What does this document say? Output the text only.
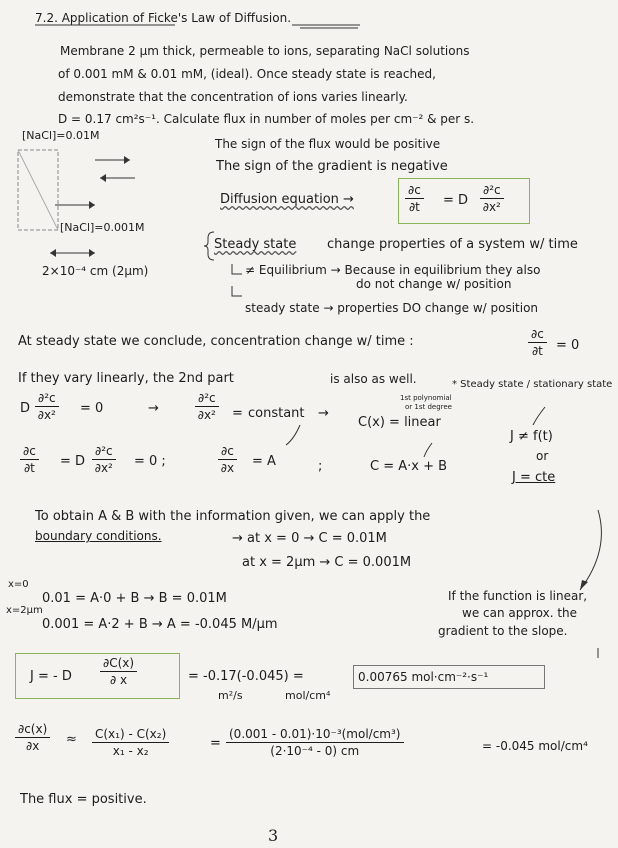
7.2. Application of Ficke's Law of Diffusion.
Membrane 2 µm thick, permeable to ions, separating NaCl solutions
of 0.001 mM & 0.01 mM, (ideal). Once steady state is reached,
demonstrate that the concentration of ions varies linearly.
D = 0.17 cm²s⁻¹. Calculate flux in number of moles per cm⁻² & per s.
[NaCl]=0.01M
[NaCl]=0.001M
2×10⁻⁴ cm (2µm)
The sign of the flux would be positive
The sign of the gradient is negative
Diffusion equation →	$\frac{\partial c}{\partial t} = D \frac{\text{∂²c}}{\text{∂x²}}$
Steady state change properties of a system w/ time
≠ Equilibrium → Because in equilibrium they also
do not change w/ position
steady state → properties DO change w/ position
At steady state we conclude, concentration change w/ time :	$\frac{\partial c}{\partial t} = 0$
If they vary linearly, the 2nd part	is also as well.	* Steady state / stationary state
D $\frac{\text{∂²c}}{\text{∂x²}} = 0$	→	$\frac{\text{∂²c}}{\text{∂x²}}$ = constant →
1st polynomial
or 1st degree
C(x) = linear
J ≠ f(t)
or
J = cte
$\frac{\partial c}{\partial t} = D \frac{\text{∂²c}}{\text{∂x²}} = 0$ ;	$\frac{\partial c}{\partial x} = A$	;	C = A·x + B
To obtain A & B with the information given, we can apply the
boundary conditions.	→ at x = 0 → C = 0.01M
at x = 2µm → C = 0.001M
x=0
0.01 = A·0 + B → B = 0.01M
x=2µm
0.001 = A·2 + B → A = -0.045 M/µm
If the function is linear,
we can approx. the
gradient to the slope.
J = - D $\frac{\partial C(x)}{\partial x}$	= -0.17(-0.045) =	0.00765 mol·cm⁻²·s⁻¹
m²/s	mol/cm⁴
$\frac{\partial c(x)}{\partial x} \approx \frac{\text{C(x₁) - C(x₂)}}{\text{x₁ - x₂}}$	=
(0.001 - 0.01)·10⁻³(mol/cm³)
(2·10⁻⁴ - 0) cm	= -0.045 mol/cm⁴
The flux = positive.
3
